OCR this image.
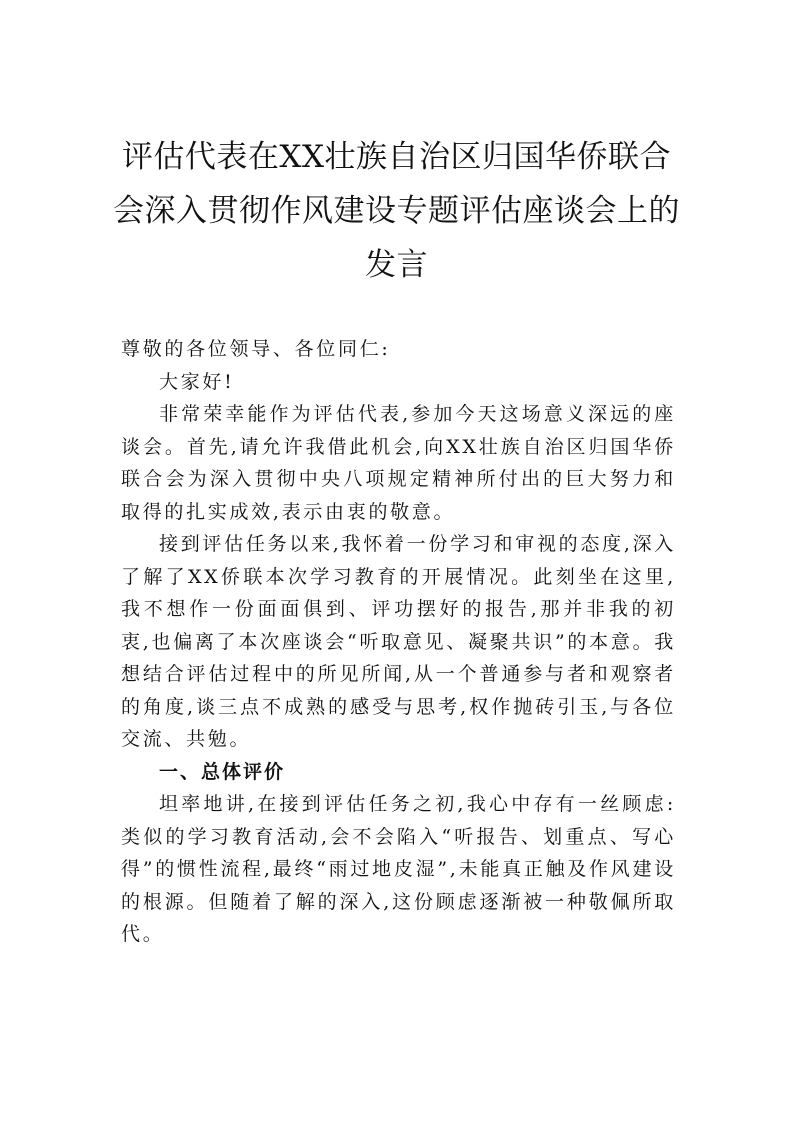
评估代表在XX壮族自治区归国华侨联合会深入贯彻作风建设专题评估座谈会上的发言

尊敬的各位领导、各位同仁:

大家好!

非常荣幸能作为评估代表,参加今天这场意义深远的座谈会。首先,请允许我借此机会,向XX壮族自治区归国华侨联合会为深入贯彻中央八项规定精神所付出的巨大努力和取得的扎实成效,表示由衷的敬意。

接到评估任务以来,我怀着一份学习和审视的态度,深入了解了XX侨联本次学习教育的开展情况。此刻坐在这里,我不想作一份面面俱到、评功摆好的报告,那并非我的初衷,也偏离了本次座谈会“听取意见、凝聚共识”的本意。我想结合评估过程中的所见所闻,从一个普通参与者和观察者的角度,谈三点不成熟的感受与思考,权作抛砖引玉,与各位交流、共勉。

一、总体评价

坦率地讲,在接到评估任务之初,我心中存有一丝顾虑:类似的学习教育活动,会不会陷入“听报告、划重点、写心得”的惯性流程,最终“雨过地皮湿”,未能真正触及作风建设的根源。但随着了解的深入,这份顾虑逐渐被一种敬佩所取代。
